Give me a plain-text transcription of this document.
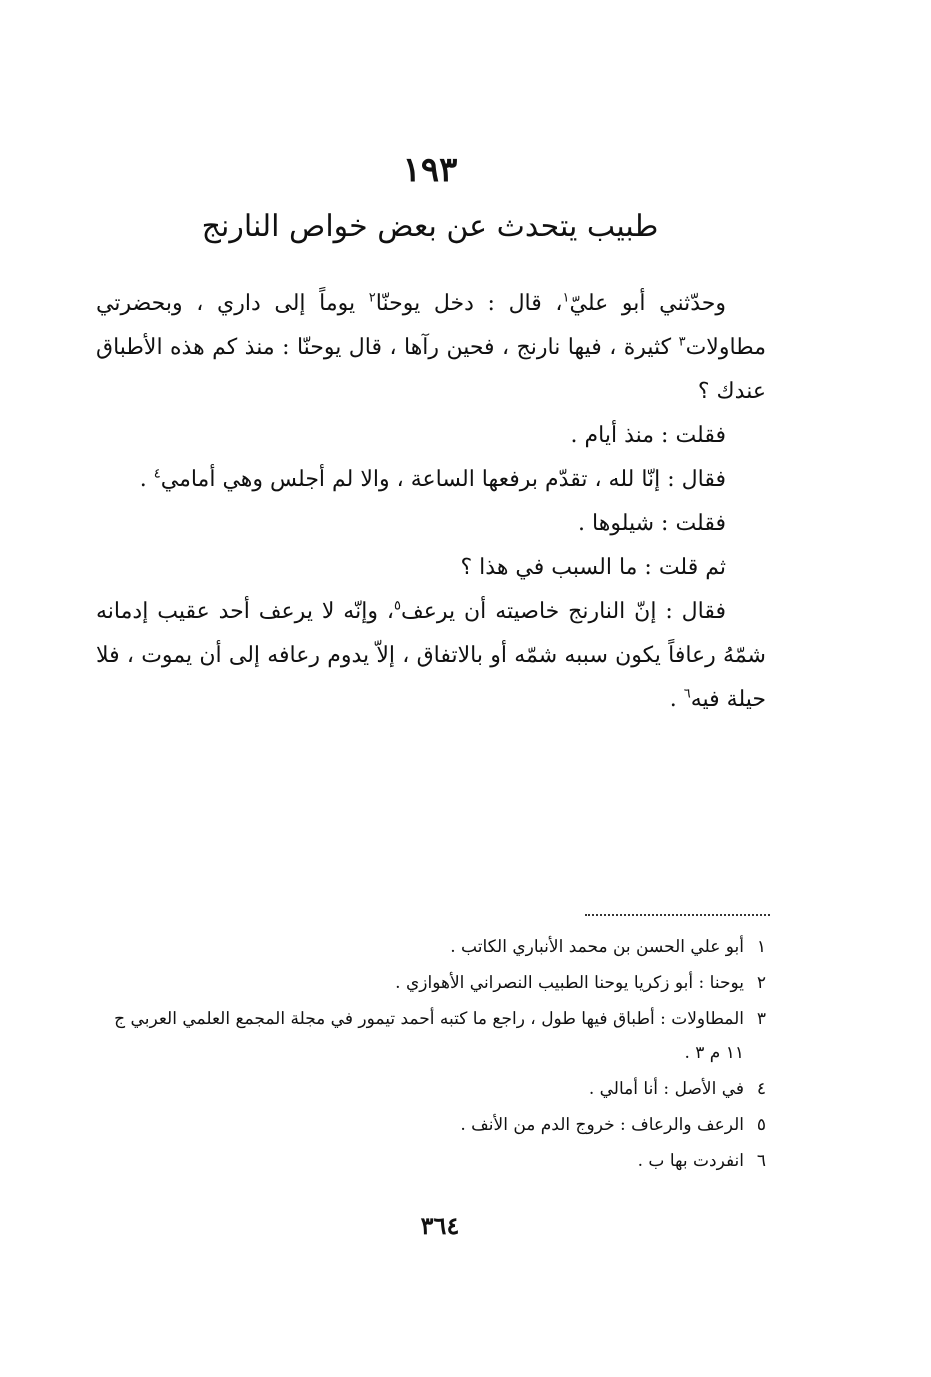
١٩٣
طبيب يتحدث عن بعض خواص النارنج

وحدّثني أبو عليّ$^١$، قال : دخل يوحنّا$^٢$ يوماً إلى داري ، وبحضرتي مطاولات$^٣$ كثيرة ، فيها نارنج ، فحين رآها ، قال يوحنّا : منذ كم هذه الأطباق عندك ؟

فقلت : منذ أيام .

فقال : إنّا لله ، تقدّم برفعها الساعة ، والا لم أجلس وهي أمامي$^٤$ .

فقلت : شيلوها .

ثم قلت : ما السبب في هذا ؟

فقال : إنّ النارنج خاصيته أن يرعف$^٥$، وإنّه لا يرعف أحد عقيب إدمانه شمّهُ رعافاً يكون سببه شمّه أو بالاتفاق ، إلاّ يدوم رعافه إلى أن يموت ، فلا حيلة فيه$^٦$ .

١
أبو علي الحسن بن محمد الأنباري الكاتب .
٢
يوحنا : أبو زكريا يوحنا الطبيب النصراني الأهوازي .
٣
المطاولات : أطباق فيها طول ، راجع ما كتبه أحمد تيمور في مجلة المجمع العلمي العربي ج ١١ م ٣ .
٤
في الأصل : أنا أمالي .
٥
الرعف والرعاف : خروج الدم من الأنف .
٦
انفردت بها ب .
٣٦٤
